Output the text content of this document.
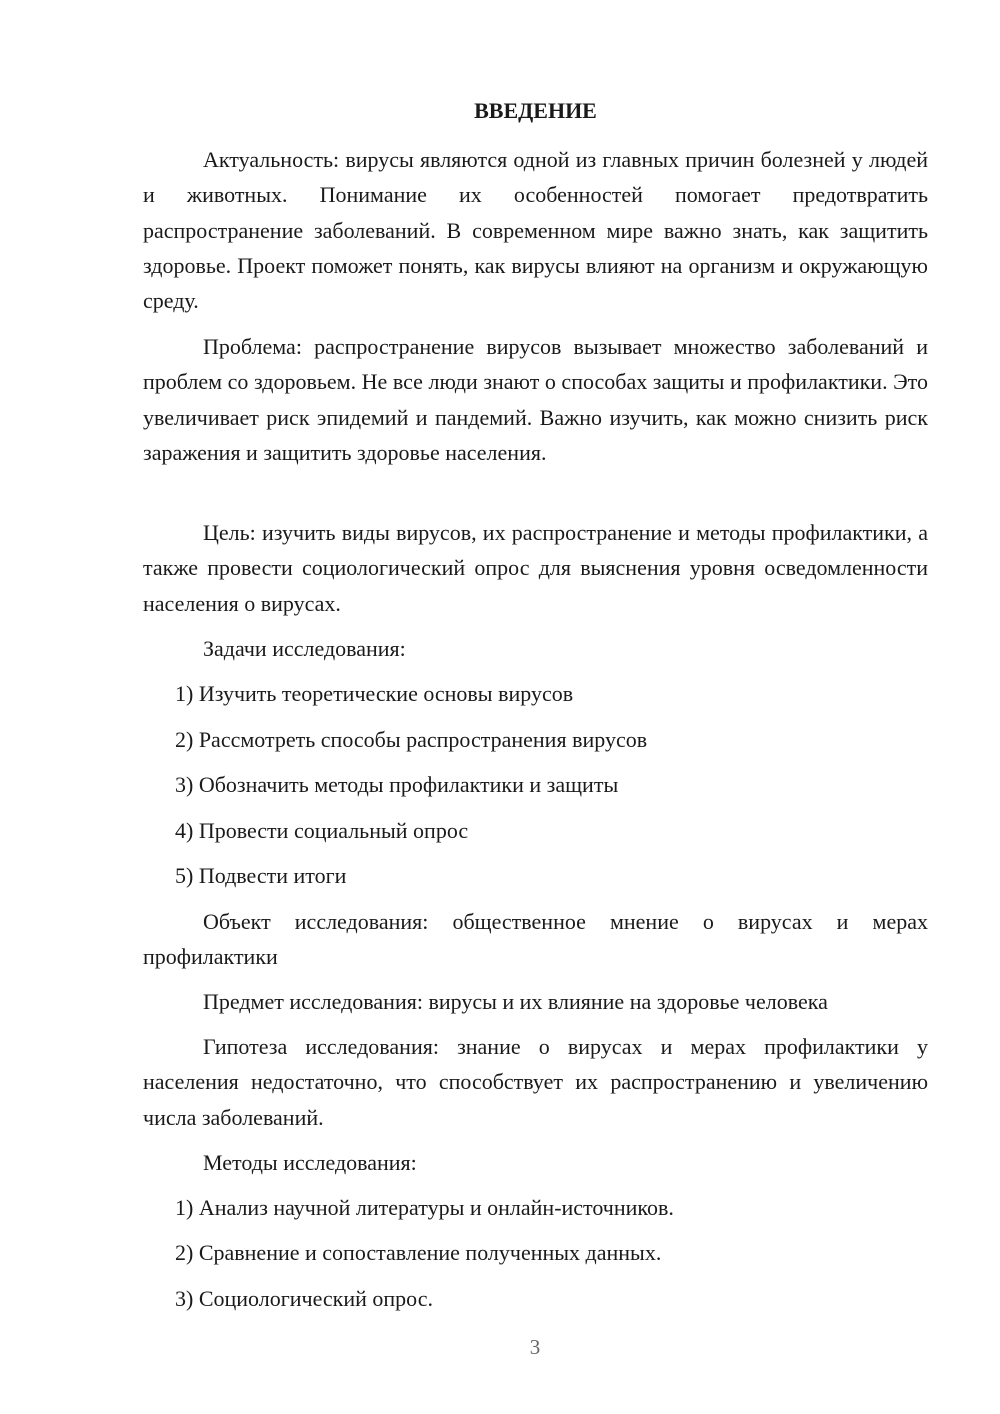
ВВЕДЕНИЕ

Актуальность: вирусы являются одной из главных причин болезней у людей и животных. Понимание их особенностей помогает предотвратить распространение заболеваний. В современном мире важно знать, как защитить здоровье. Проект поможет понять, как вирусы влияют на организм и окружающую среду.

Проблема: распространение вирусов вызывает множество заболеваний и проблем со здоровьем. Не все люди знают о способах защиты и профилактики. Это увеличивает риск эпидемий и пандемий. Важно изучить, как можно снизить риск заражения и защитить здоровье населения.

Цель: изучить виды вирусов, их распространение и методы профилактики, а также провести социологический опрос для выяснения уровня осведомленности населения о вирусах.

Задачи исследования:

1) Изучить теоретические основы вирусов

2) Рассмотреть способы распространения вирусов

3) Обозначить методы профилактики и защиты

4) Провести социальный опрос

5) Подвести итоги

Объект исследования: общественное мнение о вирусах и мерах профилактики

Предмет исследования: вирусы и их влияние на здоровье человека

Гипотеза исследования: знание о вирусах и мерах профилактики у населения недостаточно, что способствует их распространению и увеличению числа заболеваний.

Методы исследования:

1) Анализ научной литературы и онлайн-источников.

2) Сравнение и сопоставление полученных данных.

3) Социологический опрос.

3
